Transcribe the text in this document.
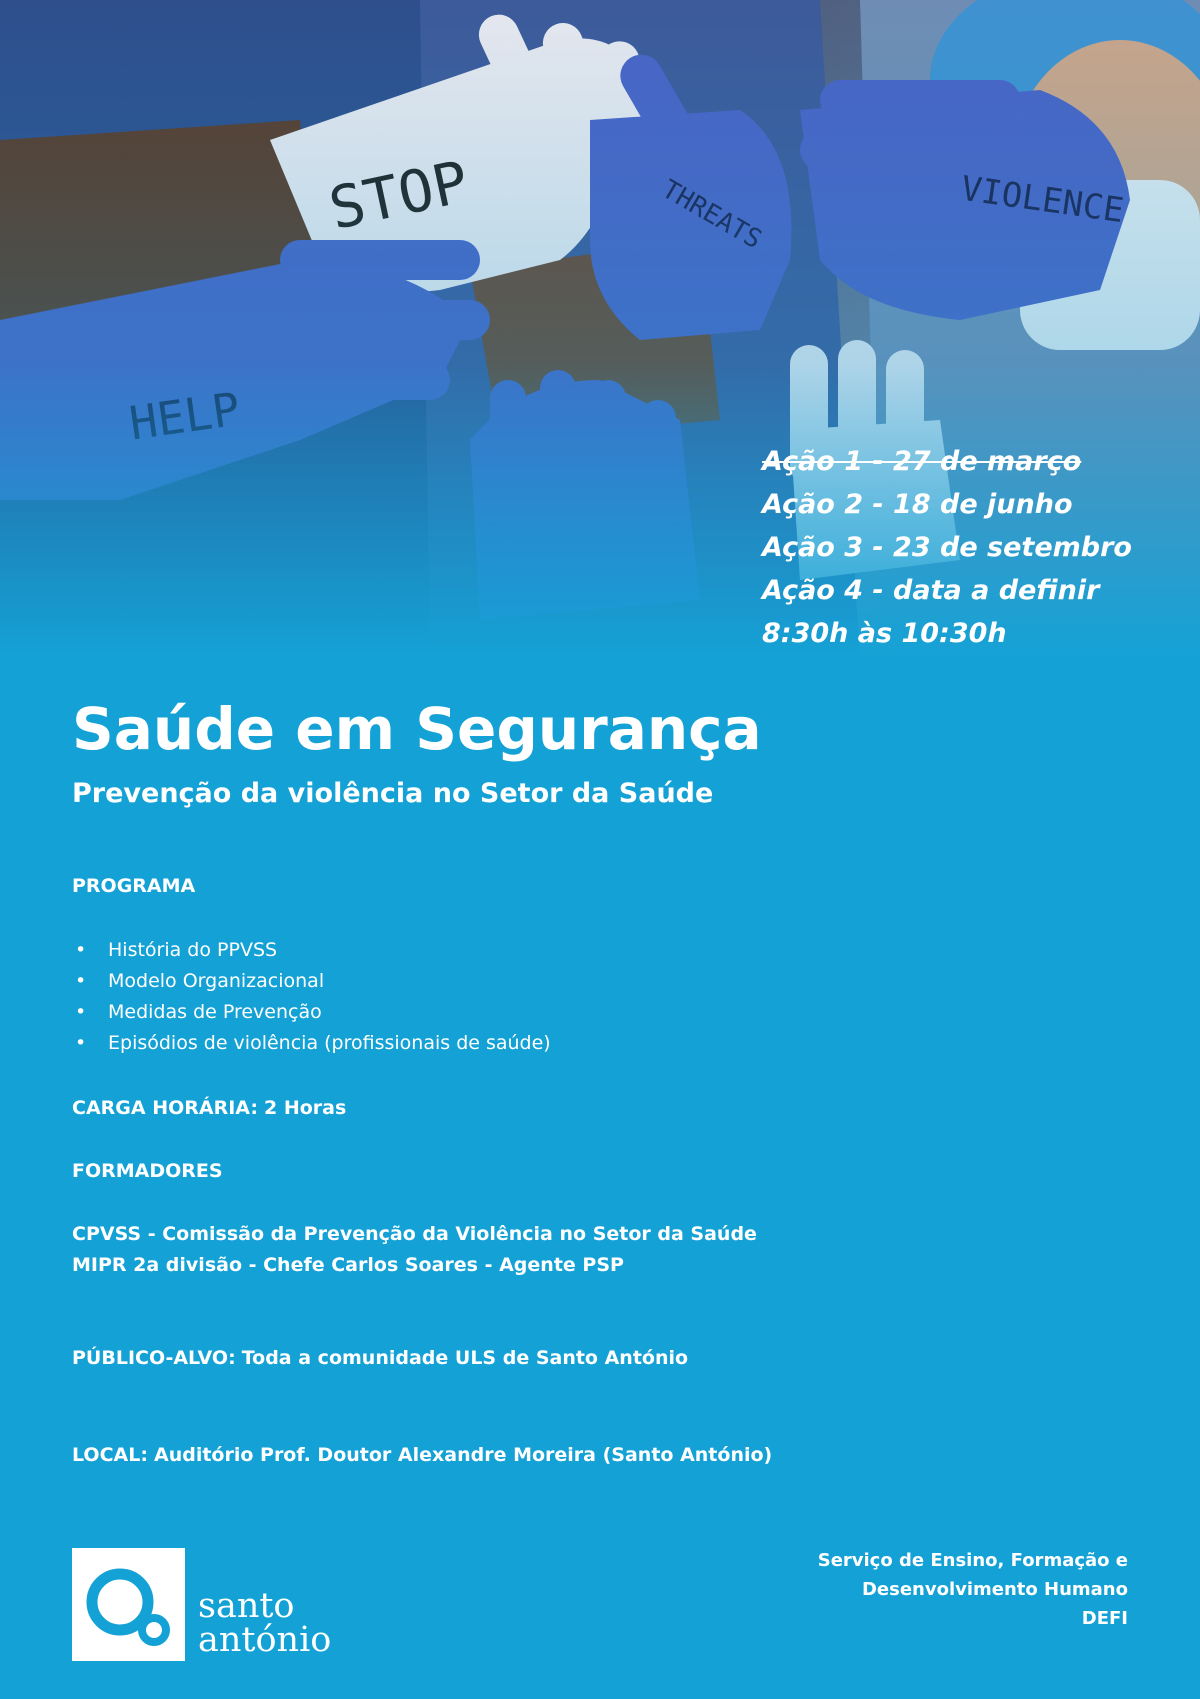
Ação 1 - 27 de março
Ação 2 - 18 de junho
Ação 3 - 23 de setembro
Ação 4 - data a definir
8:30h às 10:30h
Saúde em Segurança
Prevenção da violência no Setor da Saúde
PROGRAMA
• História do PPVSS
• Modelo Organizacional
• Medidas de Prevenção
• Episódios de violência (profissionais de saúde)
CARGA HORÁRIA: 2 Horas
FORMADORES
CPVSS - Comissão da Prevenção da Violência no Setor da Saúde
MIPR 2a divisão - Chefe Carlos Soares - Agente PSP
PÚBLICO-ALVO: Toda a comunidade ULS de Santo António
LOCAL: Auditório Prof. Doutor Alexandre Moreira (Santo António)
santo
antónio
Serviço de Ensino, Formação e
Desenvolvimento Humano
DEFI
